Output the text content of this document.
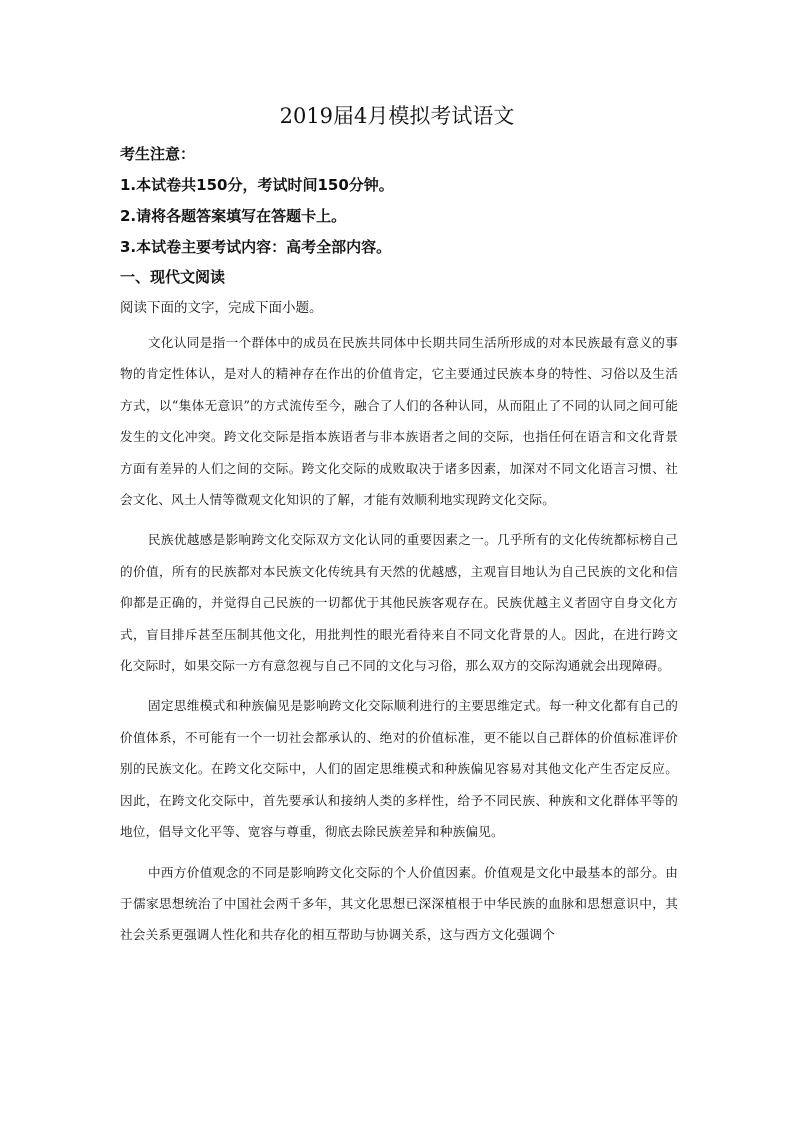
2019届4月模拟考试语文
考生注意：
1.本试卷共150分，考试时间150分钟。
2.请将各题答案填写在答题卡上。
3.本试卷主要考试内容：高考全部内容。
一、现代文阅读
阅读下面的文字，完成下面小题。

文化认同是指一个群体中的成员在民族共同体中长期共同生活所形成的对本民族最有意义的事物的肯定性体认，是对人的精神存在作出的价值肯定，它主要通过民族本身的特性、习俗以及生活方式，以“集体无意识”的方式流传至今，融合了人们的各种认同，从而阻止了不同的认同之间可能发生的文化冲突。跨文化交际是指本族语者与非本族语者之间的交际，也指任何在语言和文化背景方面有差异的人们之间的交际。跨文化交际的成败取决于诸多因素，加深对不同文化语言习惯、社会文化、风土人情等微观文化知识的了解，才能有效顺利地实现跨文化交际。

民族优越感是影响跨文化交际双方文化认同的重要因素之一。几乎所有的文化传统都标榜自己的价值，所有的民族都对本民族文化传统具有天然的优越感，主观盲目地认为自己民族的文化和信仰都是正确的，并觉得自己民族的一切都优于其他民族客观存在。民族优越主义者固守自身文化方式，盲目排斥甚至压制其他文化，用批判性的眼光看待来自不同文化背景的人。因此，在进行跨文化交际时，如果交际一方有意忽视与自己不同的文化与习俗，那么双方的交际沟通就会出现障碍。

固定思维模式和种族偏见是影响跨文化交际顺利进行的主要思维定式。每一种文化都有自己的价值体系，不可能有一个一切社会都承认的、绝对的价值标准，更不能以自己群体的价值标准评价别的民族文化。在跨文化交际中，人们的固定思维模式和种族偏见容易对其他文化产生否定反应。因此，在跨文化交际中，首先要承认和接纳人类的多样性，给予不同民族、种族和文化群体平等的地位，倡导文化平等、宽容与尊重，彻底去除民族差异和种族偏见。

中西方价值观念的不同是影响跨文化交际的个人价值因素。价值观是文化中最基本的部分。由于儒家思想统治了中国社会两千多年，其文化思想已深深植根于中华民族的血脉和思想意识中，其社会关系更强调人性化和共存化的相互帮助与协调关系，这与西方文化强调个
